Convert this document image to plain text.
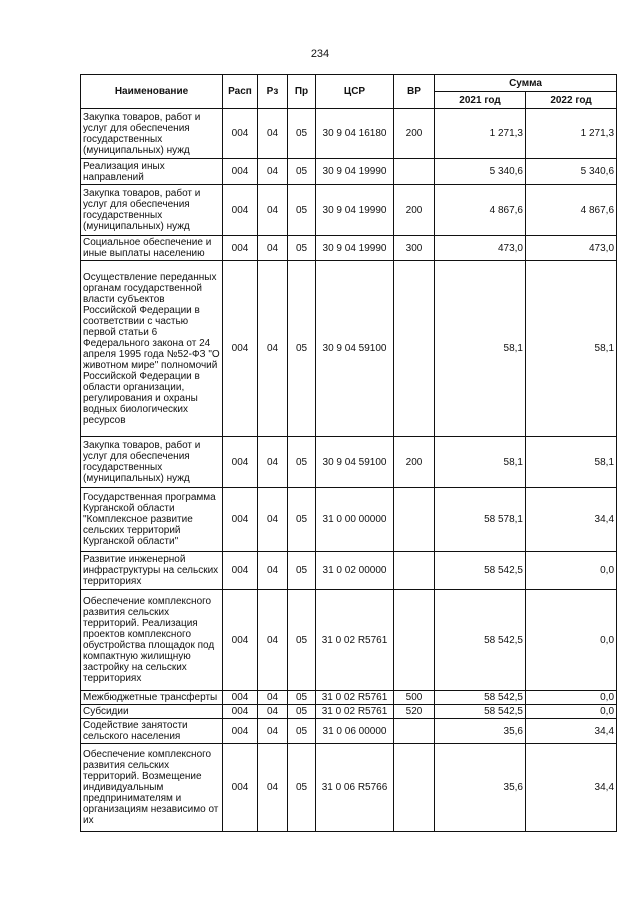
234
Наименование	Расп	Рз	Пр	ЦСР	ВР	Сумма	
						2021 год	2022 год
Закупка товаров, работ и услуг для обеспечения государственных (муниципальных) нужд	004	04	05	30 9 04 16180	200	1 271,3	1 271,3
Реализация иных направлений	004	04	05	30 9 04 19990		5 340,6	5 340,6
Закупка товаров, работ и услуг для обеспечения государственных (муниципальных) нужд	004	04	05	30 9 04 19990	200	4 867,6	4 867,6
Социальное обеспечение и иные выплаты населению	004	04	05	30 9 04 19990	300	473,0	473,0
Осуществление переданных органам государственной власти субъектов Российской Федерации в соответствии с частью первой статьи 6 Федерального закона от 24 апреля 1995 года №52-ФЗ "О животном мире" полномочий Российской Федерации в области организации, регулирования и охраны водных биологических ресурсов	004	04	05	30 9 04 59100		58,1	58,1
Закупка товаров, работ и услуг для обеспечения государственных (муниципальных) нужд	004	04	05	30 9 04 59100	200	58,1	58,1
Государственная программа Курганской области "Комплексное развитие сельских территорий Курганской области"	004	04	05	31 0 00 00000		58 578,1	34,4
Развитие инженерной инфраструктуры на сельских территориях	004	04	05	31 0 02 00000		58 542,5	0,0
Обеспечение комплексного развития сельских территорий. Реализация проектов комплексного обустройства площадок под компактную жилищную застройку на сельских территориях	004	04	05	31 0 02 R5761		58 542,5	0,0
Межбюджетные трансферты	004	04	05	31 0 02 R5761	500	58 542,5	0,0
Субсидии	004	04	05	31 0 02 R5761	520	58 542,5	0,0
Содействие занятости сельского населения	004	04	05	31 0 06 00000		35,6	34,4
Обеспечение комплексного развития сельских территорий. Возмещение индивидуальным предпринимателям и организациям независимо от их	004	04	05	31 0 06 R5766		35,6	34,4
